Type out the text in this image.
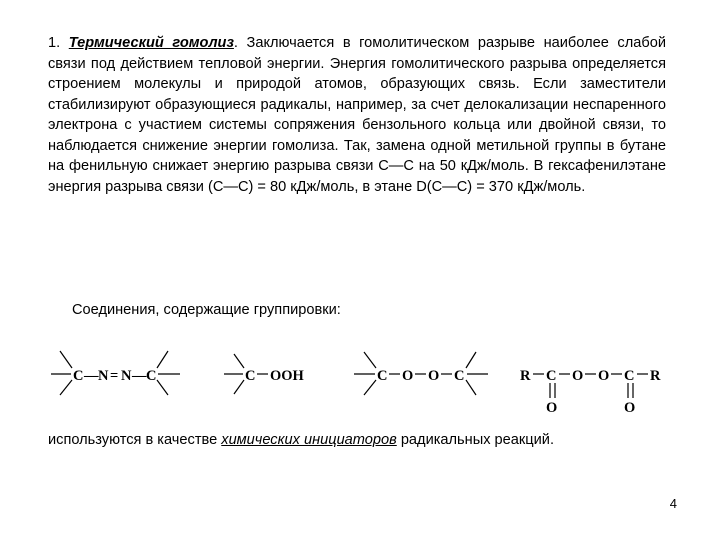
1. Термический гомолиз. Заключается в гомолитическом разрыве наиболее слабой связи под действием тепловой энергии. Энергия гомолитического разрыва определяется строением молекулы и природой атомов, образующих связь. Если заместители стабилизируют образующиеся радикалы, например, за счет делокализации неспаренного электрона с участием системы сопряжения бензольного кольца или двойной связи, то наблюдается снижение энергии гомолиза. Так, замена одной метильной группы в бутане на фенильную снижает энергию разрыва связи С—С на 50 кДж/моль. В гексафенилэтане энергия разрыва связи (С—С) = 80 кДж/моль, в этане D(C—C) = 370 кДж/моль.

Соединения, содержащие группировки:

C — N = N — C	C OOH	C O O C	R C
O
O O C
O
R

используются в качестве химических инициаторов радикальных реакций.

4
